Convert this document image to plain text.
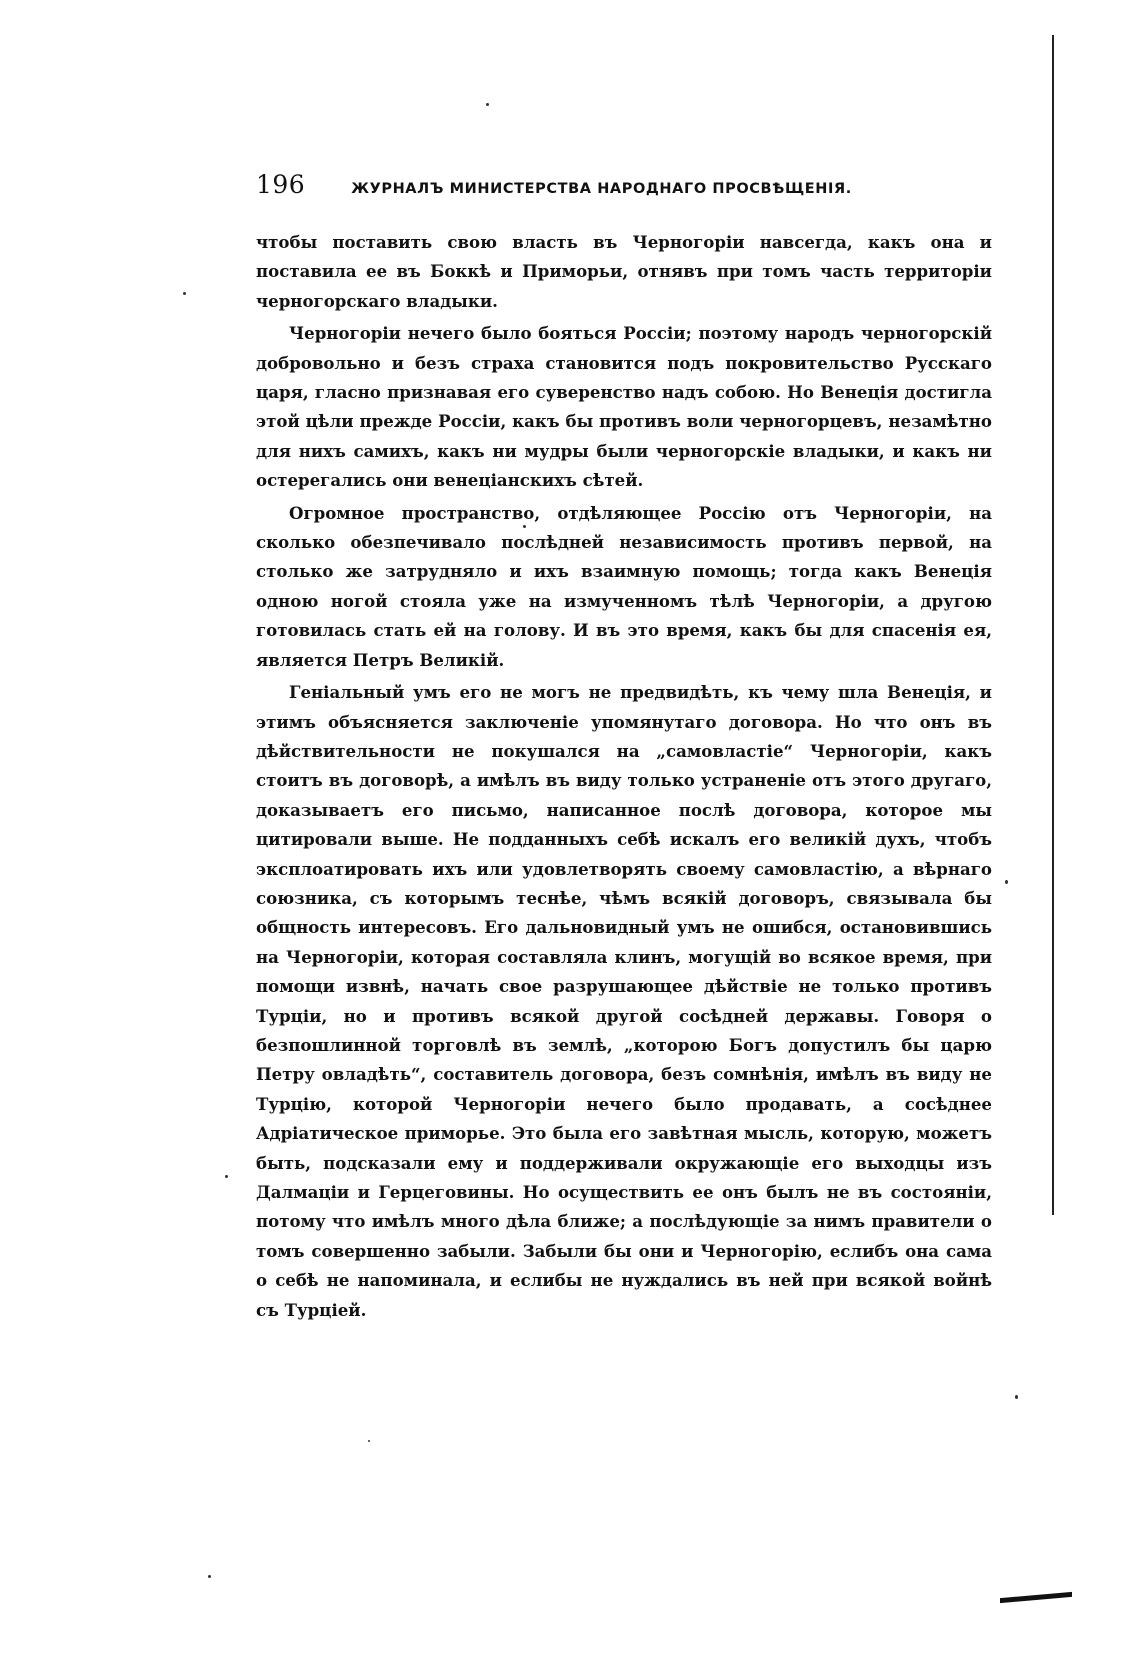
196	ЖУРНАЛЪ МИНИСТЕРСТВА НАРОДНАГО ПРОСВѢЩЕНІЯ.

чтобы поставить свою власть въ Черногоріи навсегда, какъ она и поставила ее въ Боккѣ и Приморьи, отнявъ при томъ часть территоріи черногорскаго владыки.

Черногоріи нечего было бояться Россіи; поэтому народъ черногорскій добровольно и безъ страха становится подъ покровительство Русскаго царя, гласно признавая его суверенство надъ собою. Но Венеція достигла этой цѣли прежде Россіи, какъ бы противъ воли черногорцевъ, незамѣтно для нихъ самихъ, какъ ни мудры были черногорскіе владыки, и какъ ни остерегались они венеціанскихъ сѣтей.

Огромное пространство, отдѣляющее Россію отъ Черногоріи, на сколько обезпечивало послѣдней независимость противъ первой, на столько же затрудняло и ихъ взаимную помощь; тогда какъ Венеція одною ногой стояла уже на измученномъ тѣлѣ Черногоріи, а другою готовилась стать ей на голову. И въ это время, какъ бы для спасенія ея, является Петръ Великій.

Геніальный умъ его не могъ не предвидѣть, къ чему шла Венеція, и этимъ объясняется заключеніе упомянутаго договора. Но что онъ въ дѣйствительности не покушался на „самовластіе“ Черногоріи, какъ стоитъ въ договорѣ, а имѣлъ въ виду только устраненіе отъ этого другаго, доказываетъ его письмо, написанное послѣ договора, которое мы цитировали выше. Не подданныхъ себѣ искалъ его великій духъ, чтобъ эксплоатировать ихъ или удовлетворять своему самовластію, а вѣрнаго союзника, съ которымъ теснѣе, чѣмъ всякій договоръ, связывала бы общность интересовъ. Его дальновидный умъ не ошибся, остановившись на Черногоріи, которая составляла клинъ, могущій во всякое время, при помощи извнѣ, начать свое разрушающее дѣйствіе не только противъ Турціи, но и противъ всякой другой сосѣдней державы. Говоря о безпошлинной торговлѣ въ землѣ, „которою Богъ допустилъ бы царю Петру овладѣть“, составитель договора, безъ сомнѣнія, имѣлъ въ виду не Турцію, которой Черногоріи нечего было продавать, а сосѣднее Адріатическое приморье. Это была его завѣтная мысль, которую, можетъ быть, подсказали ему и поддерживали окружающіе его выходцы изъ Далмаціи и Герцеговины. Но осуществить ее онъ былъ не въ состояніи, потому что имѣлъ много дѣла ближе; а послѣдующіе за нимъ правители о томъ совершенно забыли. Забыли бы они и Черногорію, еслибъ она сама о себѣ не напоминала, и еслибы не нуждались въ ней при всякой войнѣ съ Турціей.
